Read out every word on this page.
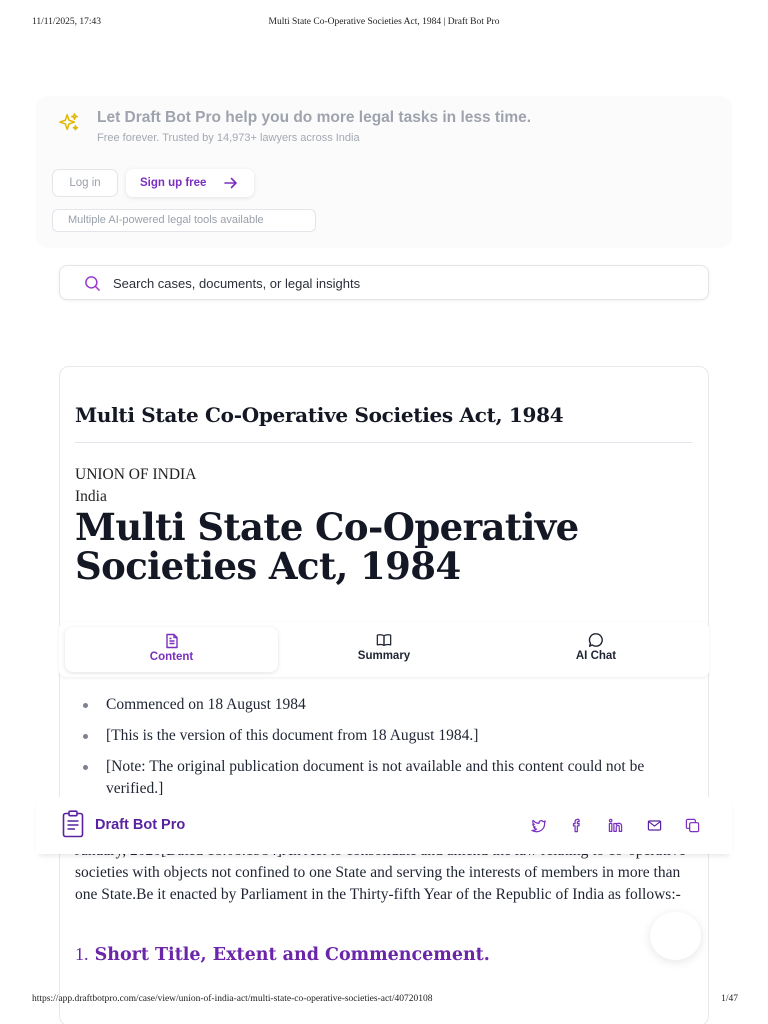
11/11/2025, 17:43	Multi State Co-Operative Societies Act, 1984 | Draft Bot Pro
Let Draft Bot Pro help you do more legal tasks in less time.
Free forever. Trusted by 14,973+ lawyers across India
Log in	Sign up free
Multiple AI-powered legal tools available
Search cases, documents, or legal insights
Multi State Co-Operative Societies Act, 1984
UNION OF INDIA
India
Multi State Co-Operative Societies Act, 1984
Content	Summary	AI Chat
Commenced on 18 August 1984
[This is the version of this document from 18 August 1984.]
[Note: The original publication document is not available and this content could not be verified.]

societies with objects not confined to one State and serving the interests of members in more than one State.Be it enacted by Parliament in the Thirty-fifth Year of the Republic of India as follows:-

1. Short Title, Extent and Commencement.
Draft Bot Pro
https://app.draftbotpro.com/case/view/union-of-india-act/multi-state-co-operative-societies-act/40720108	1/47
